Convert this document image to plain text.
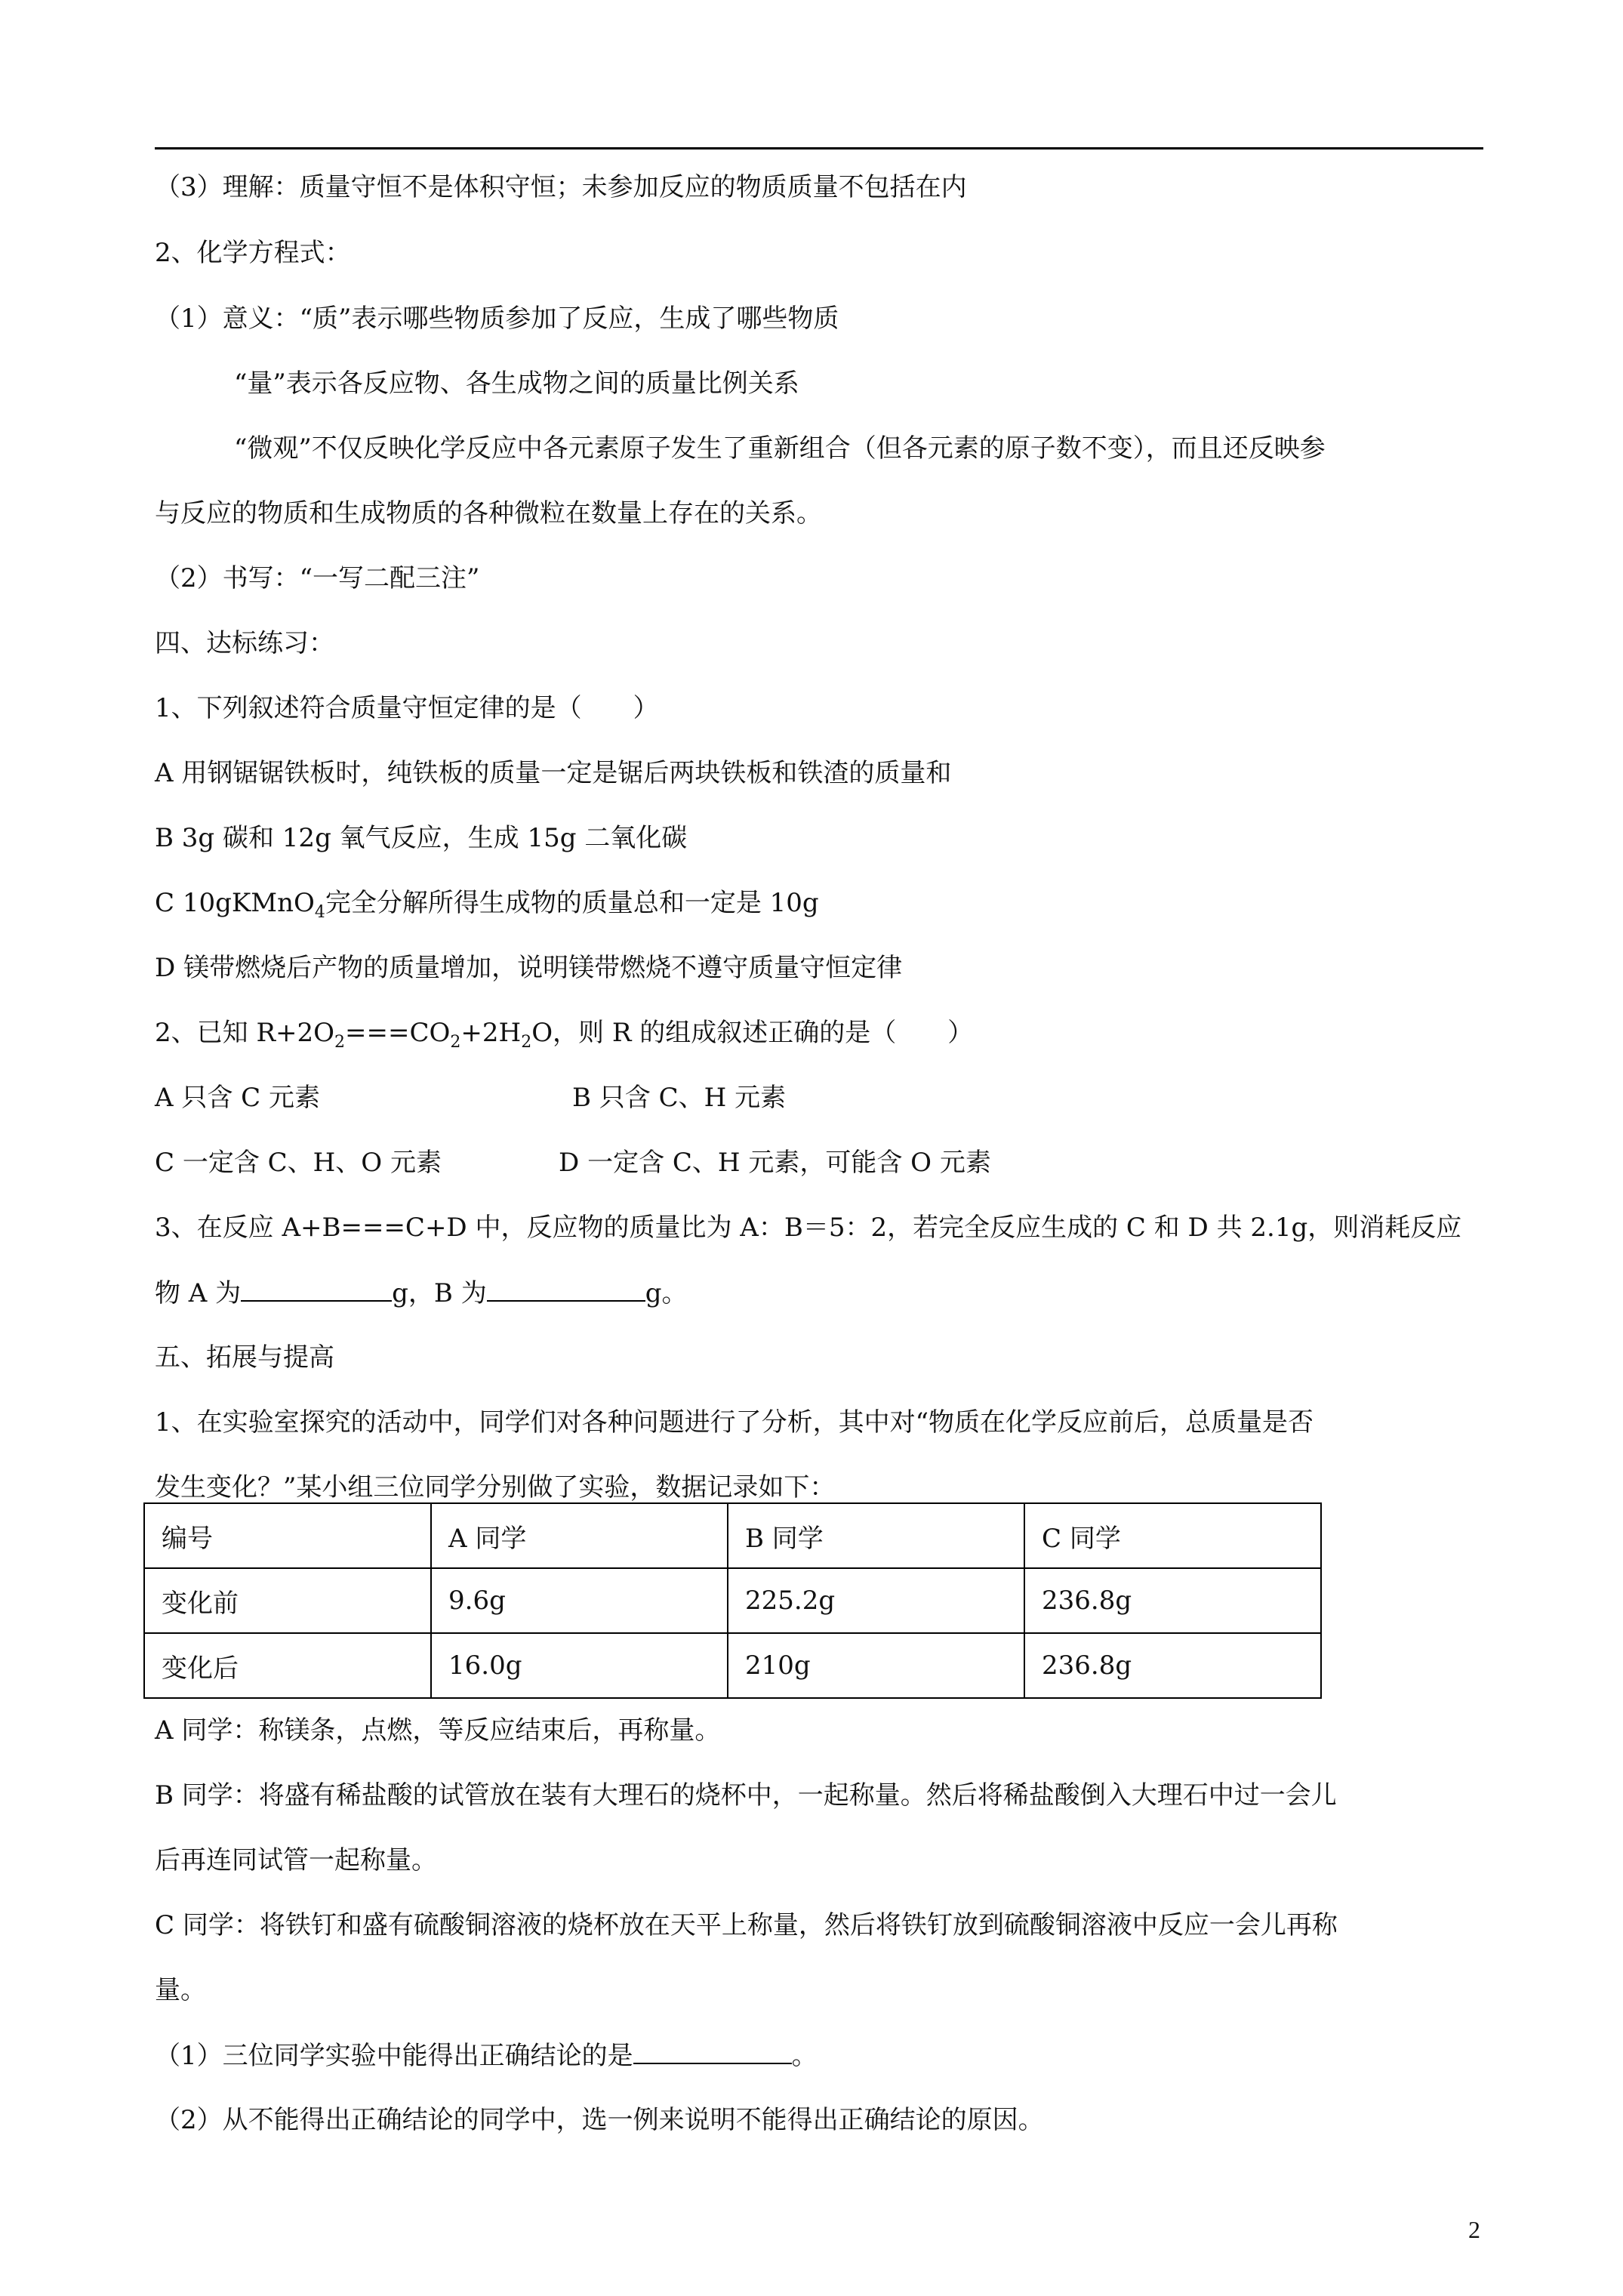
（3）理解：质量守恒不是体积守恒；未参加反应的物质质量不包括在内
2、化学方程式：
（1）意义：“质”表示哪些物质参加了反应，生成了哪些物质
“量”表示各反应物、各生成物之间的质量比例关系
“微观”不仅反映化学反应中各元素原子发生了重新组合（但各元素的原子数不变），而且还反映参
与反应的物质和生成物质的各种微粒在数量上存在的关系。
（2）书写：“一写二配三注”
四、达标练习：
1、下列叙述符合质量守恒定律的是（　　）
A 用钢锯锯铁板时，纯铁板的质量一定是锯后两块铁板和铁渣的质量和
B 3g 碳和 12g 氧气反应，生成 15g 二氧化碳
C 10gKMnO$_4$完全分解所得生成物的质量总和一定是 10g
D 镁带燃烧后产物的质量增加，说明镁带燃烧不遵守质量守恒定律
2、已知 $R+2O_2===CO_2+2H_2O$，则 R 的组成叙述正确的是（　　）
A 只含 C 元素	B 只含 C、H 元素
C 一定含 C、H、O 元素	D 一定含 C、H 元素，可能含 O 元素
3、在反应 A+B===C+D 中，反应物的质量比为 A：B＝5：2，若完全反应生成的 C 和 D 共 2.1g，则消耗反应
物 A 为	g，B 为	g。
五、拓展与提高
1、在实验室探究的活动中，同学们对各种问题进行了分析，其中对“物质在化学反应前后，总质量是否
发生变化？”某小组三位同学分别做了实验，数据记录如下：
编号	A 同学	B 同学	C 同学
变化前	9.6g	225.2g	236.8g
变化后	16.0g	210g	236.8g
A 同学：称镁条，点燃，等反应结束后，再称量。
B 同学：将盛有稀盐酸的试管放在装有大理石的烧杯中，一起称量。然后将稀盐酸倒入大理石中过一会儿
后再连同试管一起称量。
C 同学：将铁钉和盛有硫酸铜溶液的烧杯放在天平上称量，然后将铁钉放到硫酸铜溶液中反应一会儿再称
量。
（1）三位同学实验中能得出正确结论的是	。
（2）从不能得出正确结论的同学中，选一例来说明不能得出正确结论的原因。
2
